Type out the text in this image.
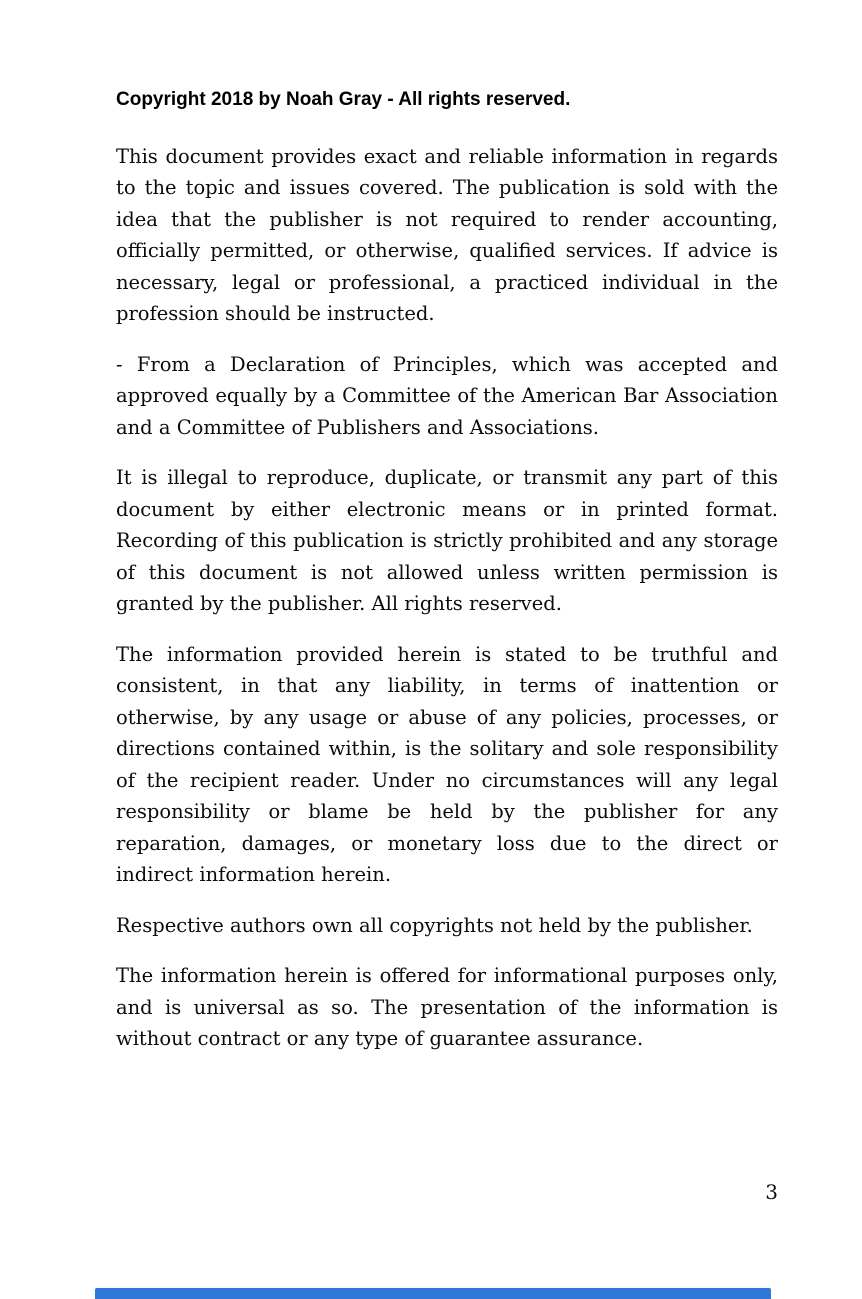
Copyright 2018 by Noah Gray - All rights reserved.

This document provides exact and reliable information in regards to the topic and issues covered. The publication is sold with the idea that the publisher is not required to render accounting, officially permitted, or otherwise, qualified services. If advice is necessary, legal or professional, a practiced individual in the profession should be instructed.

- From a Declaration of Principles, which was accepted and approved equally by a Committee of the American Bar Association and a Committee of Publishers and Associations.

It is illegal to reproduce, duplicate, or transmit any part of this document by either electronic means or in printed format. Recording of this publication is strictly prohibited and any storage of this document is not allowed unless written permission is granted by the publisher. All rights reserved.

The information provided herein is stated to be truthful and consistent, in that any liability, in terms of inattention or otherwise, by any usage or abuse of any policies, processes, or directions contained within, is the solitary and sole responsibility of the recipient reader. Under no circumstances will any legal responsibility or blame be held by the publisher for any reparation, damages, or monetary loss due to the direct or indirect information herein.

Respective authors own all copyrights not held by the publisher.

The information herein is offered for informational purposes only, and is universal as so. The presentation of the information is without contract or any type of guarantee assurance.

3
